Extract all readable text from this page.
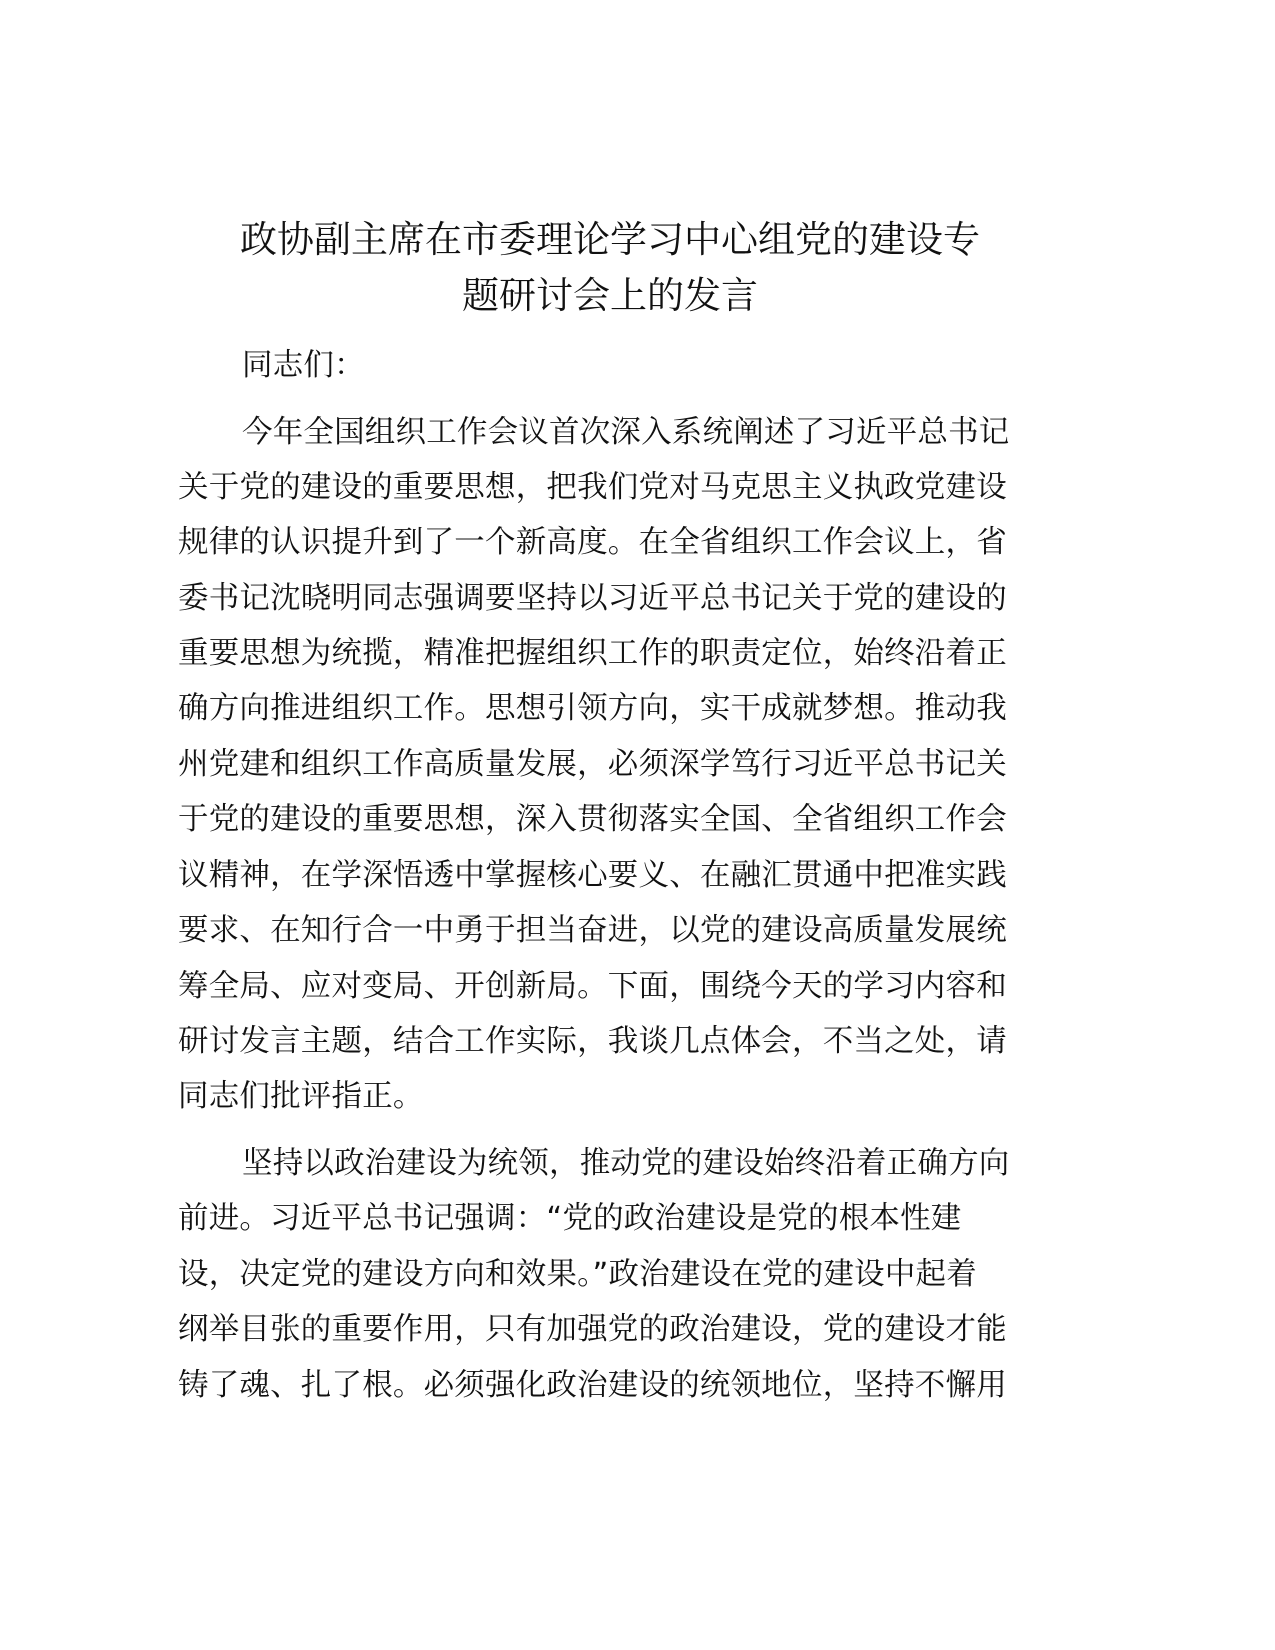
政协副主席在市委理论学习中心组党的建设专
题研讨会上的发言
同志们：
今年全国组织工作会议首次深入系统阐述了习近平总书记
关于党的建设的重要思想，把我们党对马克思主义执政党建设
规律的认识提升到了一个新高度。在全省组织工作会议上，省
委书记沈晓明同志强调要坚持以习近平总书记关于党的建设的
重要思想为统揽，精准把握组织工作的职责定位，始终沿着正
确方向推进组织工作。思想引领方向，实干成就梦想。推动我
州党建和组织工作高质量发展，必须深学笃行习近平总书记关
于党的建设的重要思想，深入贯彻落实全国、全省组织工作会
议精神，在学深悟透中掌握核心要义、在融汇贯通中把准实践
要求、在知行合一中勇于担当奋进，以党的建设高质量发展统
筹全局、应对变局、开创新局。下面，围绕今天的学习内容和
研讨发言主题，结合工作实际，我谈几点体会，不当之处，请
同志们批评指正。
坚持以政治建设为统领，推动党的建设始终沿着正确方向
前进。习近平总书记强调：“党的政治建设是党的根本性建
设，决定党的建设方向和效果。”政治建设在党的建设中起着
纲举目张的重要作用，只有加强党的政治建设，党的建设才能
铸了魂、扎了根。必须强化政治建设的统领地位，坚持不懈用
